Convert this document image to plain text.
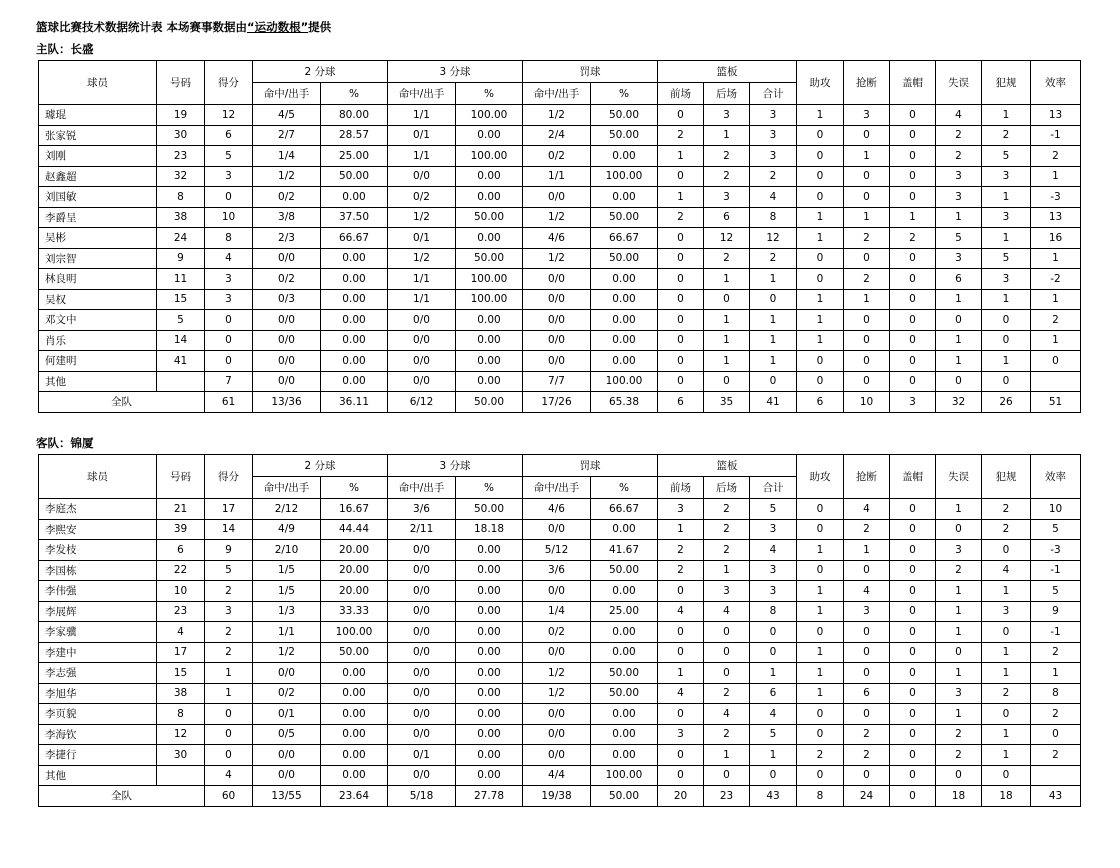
篮球比赛技术数据统计表 本场赛事数据由“运动数根”提供
主队：长盛
球员	号码	得分	2 分球		3 分球		罚球		篮板			助攻	抢断	盖帽	失误	犯规	效率
			命中/出手	%	命中/出手	%	命中/出手	%	前场	后场	合计						
璩琨	19	12	4/5	80.00	1/1	100.00	1/2	50.00	0	3	3	1	3	0	4	1	13
张家锐	30	6	2/7	28.57	0/1	0.00	2/4	50.00	2	1	3	0	0	0	2	2	-1
刘刚	23	5	1/4	25.00	1/1	100.00	0/2	0.00	1	2	3	0	1	0	2	5	2
赵鑫超	32	3	1/2	50.00	0/0	0.00	1/1	100.00	0	2	2	0	0	0	3	3	1
刘国敏	8	0	0/2	0.00	0/2	0.00	0/0	0.00	1	3	4	0	0	0	3	1	-3
李爵呈	38	10	3/8	37.50	1/2	50.00	1/2	50.00	2	6	8	1	1	1	1	3	13
吴彬	24	8	2/3	66.67	0/1	0.00	4/6	66.67	0	12	12	1	2	2	5	1	16
刘宗智	9	4	0/0	0.00	1/2	50.00	1/2	50.00	0	2	2	0	0	0	3	5	1
林良明	11	3	0/2	0.00	1/1	100.00	0/0	0.00	0	1	1	0	2	0	6	3	-2
吴权	15	3	0/3	0.00	1/1	100.00	0/0	0.00	0	0	0	1	1	0	1	1	1
邓文中	5	0	0/0	0.00	0/0	0.00	0/0	0.00	0	1	1	1	0	0	0	0	2
肖乐	14	0	0/0	0.00	0/0	0.00	0/0	0.00	0	1	1	1	0	0	1	0	1
何建明	41	0	0/0	0.00	0/0	0.00	0/0	0.00	0	1	1	0	0	0	1	1	0
其他		7	0/0	0.00	0/0	0.00	7/7	100.00	0	0	0	0	0	0	0	0	
全队		61	13/36	36.11	6/12	50.00	17/26	65.38	6	35	41	6	10	3	32	26	51
客队：锦厦
球员	号码	得分	2 分球		3 分球		罚球		篮板			助攻	抢断	盖帽	失误	犯规	效率
			命中/出手	%	命中/出手	%	命中/出手	%	前场	后场	合计						
李庭杰	21	17	2/12	16.67	3/6	50.00	4/6	66.67	3	2	5	0	4	0	1	2	10
李熙安	39	14	4/9	44.44	2/11	18.18	0/0	0.00	1	2	3	0	2	0	0	2	5
李发枝	6	9	2/10	20.00	0/0	0.00	5/12	41.67	2	2	4	1	1	0	3	0	-3
李国栋	22	5	1/5	20.00	0/0	0.00	3/6	50.00	2	1	3	0	0	0	2	4	-1
李伟强	10	2	1/5	20.00	0/0	0.00	0/0	0.00	0	3	3	1	4	0	1	1	5
李展辉	23	3	1/3	33.33	0/0	0.00	1/4	25.00	4	4	8	1	3	0	1	3	9
李家骥	4	2	1/1	100.00	0/0	0.00	0/2	0.00	0	0	0	0	0	0	1	0	-1
李建中	17	2	1/2	50.00	0/0	0.00	0/0	0.00	0	0	0	1	0	0	0	1	2
李志强	15	1	0/0	0.00	0/0	0.00	1/2	50.00	1	0	1	1	0	0	1	1	1
李旭华	38	1	0/2	0.00	0/0	0.00	1/2	50.00	4	2	6	1	6	0	3	2	8
李页貌	8	0	0/1	0.00	0/0	0.00	0/0	0.00	0	4	4	0	0	0	1	0	2
李海钦	12	0	0/5	0.00	0/0	0.00	0/0	0.00	3	2	5	0	2	0	2	1	0
李捷行	30	0	0/0	0.00	0/1	0.00	0/0	0.00	0	1	1	2	2	0	2	1	2
其他		4	0/0	0.00	0/0	0.00	4/4	100.00	0	0	0	0	0	0	0	0	
全队		60	13/55	23.64	5/18	27.78	19/38	50.00	20	23	43	8	24	0	18	18	43
